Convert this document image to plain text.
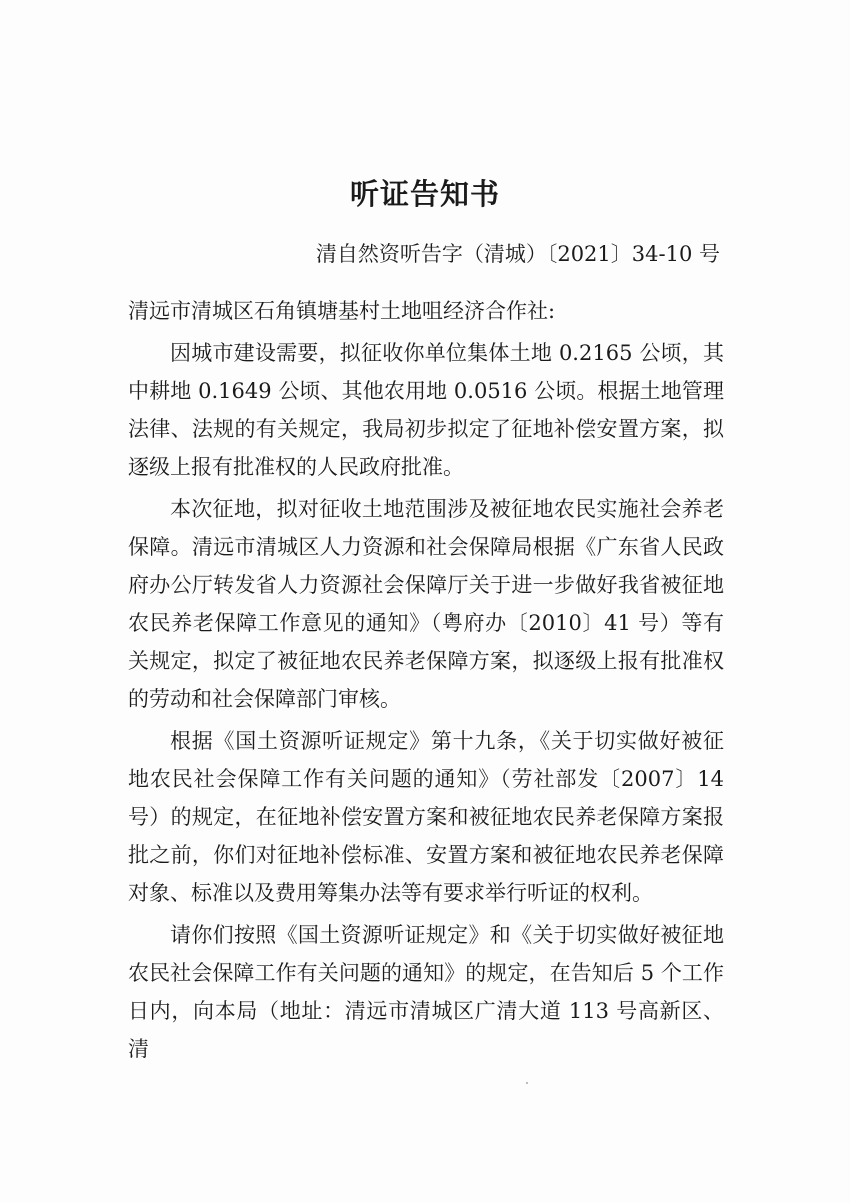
听证告知书

清自然资听告字（清城）〔2021〕34-10 号

清远市清城区石角镇塘基村土地咀经济合作社:

因城市建设需要，拟征收你单位集体土地 0.2165 公顷，其中耕地 0.1649 公顷、其他农用地 0.0516 公顷。根据土地管理法律、法规的有关规定，我局初步拟定了征地补偿安置方案，拟逐级上报有批准权的人民政府批准。

本次征地，拟对征收土地范围涉及被征地农民实施社会养老保障。清远市清城区人力资源和社会保障局根据《广东省人民政府办公厅转发省人力资源社会保障厅关于进一步做好我省被征地农民养老保障工作意见的通知》（粤府办〔2010〕41 号）等有关规定，拟定了被征地农民养老保障方案，拟逐级上报有批准权的劳动和社会保障部门审核。

根据《国土资源听证规定》第十九条，《关于切实做好被征地农民社会保障工作有关问题的通知》（劳社部发〔2007〕14 号）的规定，在征地补偿安置方案和被征地农民养老保障方案报批之前，你们对征地补偿标准、安置方案和被征地农民养老保障对象、标准以及费用筹集办法等有要求举行听证的权利。

请你们按照《国土资源听证规定》和《关于切实做好被征地农民社会保障工作有关问题的通知》的规定，在告知后 5 个工作日内，向本局（地址：清远市清城区广清大道 113 号高新区、清
